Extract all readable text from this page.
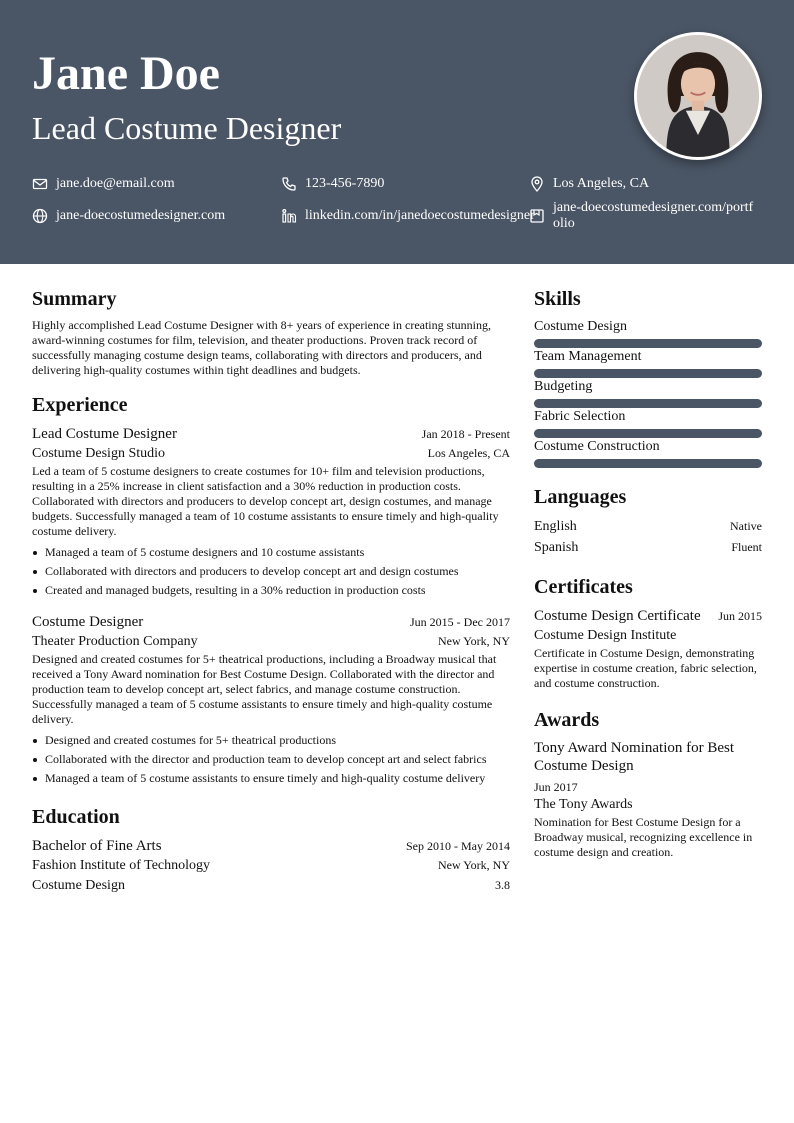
Jane Doe
Lead Costume Designer
jane.doe@email.com	123-456-7890	Los Angeles, CA
jane-doecostumedesigner.com	linkedin.com/in/janedoecostumedesigner
jane-doecostumedesigner.com/portfolio
Summary

Highly accomplished Lead Costume Designer with 8+ years of experience in creating stunning, award-winning costumes for film, television, and theater productions. Proven track record of successfully managing costume design teams, collaborating with directors and producers, and delivering high-quality costumes within tight deadlines and budgets.

Experience
Lead Costume Designer	Jan 2018 - Present
Costume Design Studio	Los Angeles, CA

Led a team of 5 costume designers to create costumes for 10+ film and television productions, resulting in a 25% increase in client satisfaction and a 30% reduction in production costs. Collaborated with directors and producers to develop concept art, design costumes, and manage budgets. Successfully managed a team of 10 costume assistants to ensure timely and high-quality costume delivery.

Managed a team of 5 costume designers and 10 costume assistants
Collaborated with directors and producers to develop concept art and design costumes
Created and managed budgets, resulting in a 30% reduction in production costs
Costume Designer	Jun 2015 - Dec 2017
Theater Production Company	New York, NY

Designed and created costumes for 5+ theatrical productions, including a Broadway musical that received a Tony Award nomination for Best Costume Design. Collaborated with the director and production team to develop concept art, select fabrics, and manage costume construction. Successfully managed a team of 5 costume assistants to ensure timely and high-quality costume delivery.

Designed and created costumes for 5+ theatrical productions
Collaborated with the director and production team to develop concept art and select fabrics
Managed a team of 5 costume assistants to ensure timely and high-quality costume delivery
Education
Bachelor of Fine Arts	Sep 2010 - May 2014
Fashion Institute of Technology	New York, NY
Costume Design	3.8
Skills
Costume Design
Team Management
Budgeting
Fabric Selection
Costume Construction
Languages
English	Native
Spanish	Fluent
Certificates
Costume Design Certificate Jun 2015
Costume Design Institute

Certificate in Costume Design, demonstrating expertise in costume creation, fabric selection, and costume construction.

Awards
Tony Award Nomination for Best Costume Design
Jun 2017
The Tony Awards

Nomination for Best Costume Design for a Broadway musical, recognizing excellence in costume design and creation.
